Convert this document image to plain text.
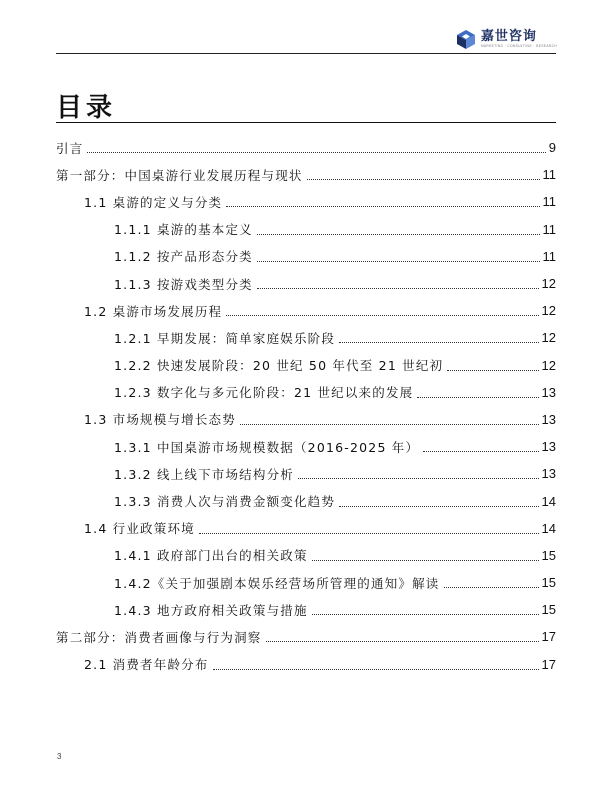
嘉世咨询
MARKETING · CONSULTING · RESEARCH
目录
引言	9
第一部分：中国桌游行业发展历程与现状	11
1.1 桌游的定义与分类	11
1.1.1 桌游的基本定义	11
1.1.2 按产品形态分类	11
1.1.3 按游戏类型分类	12
1.2 桌游市场发展历程	12
1.2.1 早期发展：简单家庭娱乐阶段	12
1.2.2 快速发展阶段：20 世纪 50 年代至 21 世纪初	12
1.2.3 数字化与多元化阶段：21 世纪以来的发展	13
1.3 市场规模与增长态势	13
1.3.1 中国桌游市场规模数据（2016-2025 年）	13
1.3.2 线上线下市场结构分析	13
1.3.3 消费人次与消费金额变化趋势	14
1.4 行业政策环境	14
1.4.1 政府部门出台的相关政策	15
1.4.2《关于加强剧本娱乐经营场所管理的通知》解读	15
1.4.3 地方政府相关政策与措施	15
第二部分：消费者画像与行为洞察	17
2.1 消费者年龄分布	17
3
